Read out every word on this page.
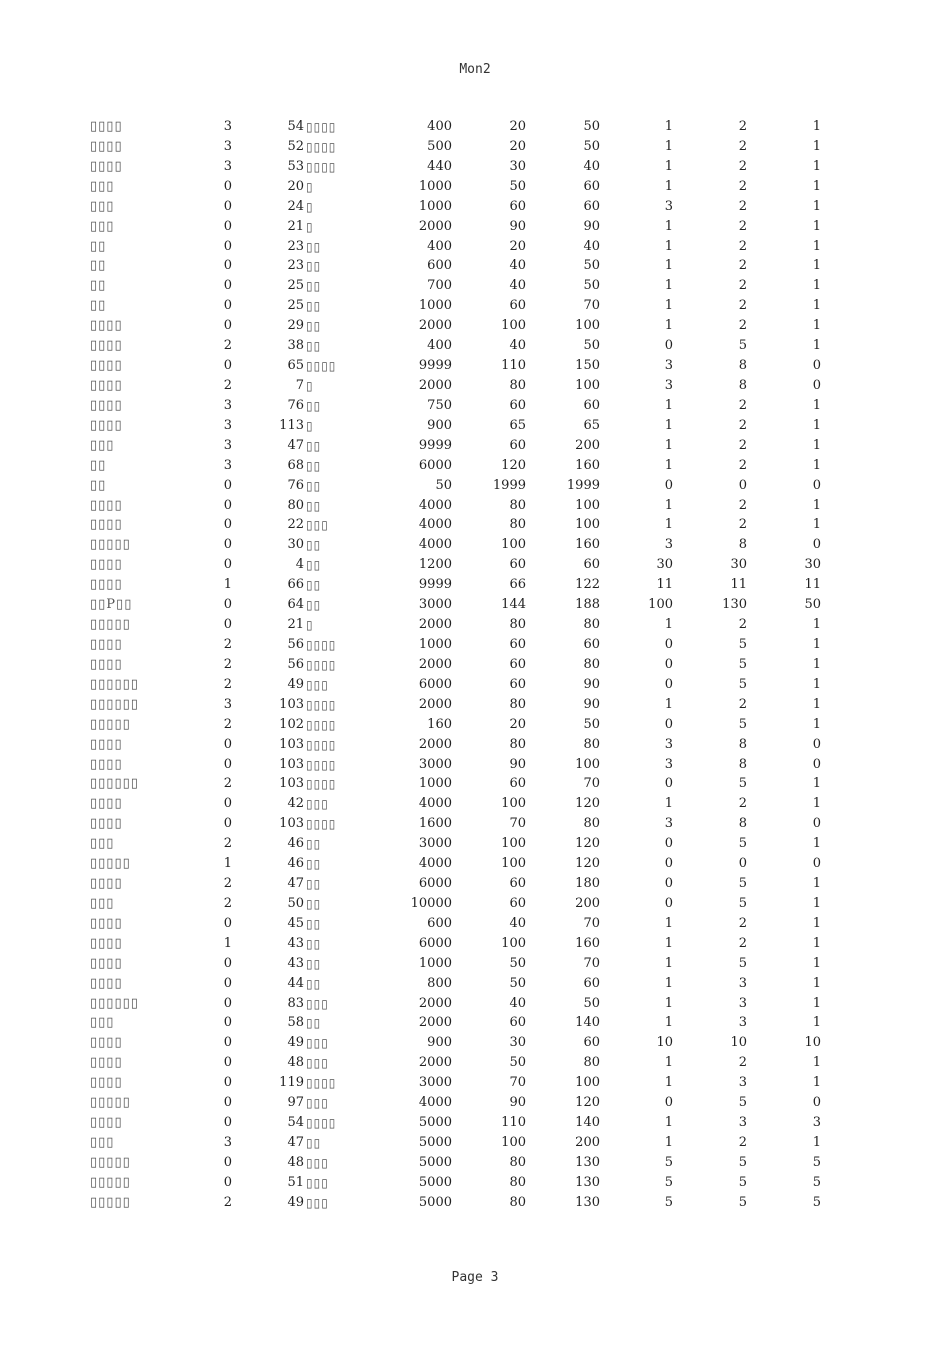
Mon2
▯▯▯▯	3	54 ▯▯▯▯	400	20	50	1	2	1
▯▯▯▯	3	52 ▯▯▯▯	500	20	50	1	2	1
▯▯▯▯	3	53 ▯▯▯▯	440	30	40	1	2	1
▯▯▯	0	20 ▯	1000	50	60	1	2	1
▯▯▯	0	24 ▯	1000	60	60	3	2	1
▯▯▯	0	21 ▯	2000	90	90	1	2	1
▯▯	0	23 ▯▯	400	20	40	1	2	1
▯▯	0	23 ▯▯	600	40	50	1	2	1
▯▯	0	25 ▯▯	700	40	50	1	2	1
▯▯	0	25 ▯▯	1000	60	70	1	2	1
▯▯▯▯	0	29 ▯▯	2000	100	100	1	2	1
▯▯▯▯	2	38 ▯▯	400	40	50	0	5	1
▯▯▯▯	0	65 ▯▯▯▯	9999	110	150	3	8	0
▯▯▯▯	2	7 ▯	2000	80	100	3	8	0
▯▯▯▯	3	76 ▯▯	750	60	60	1	2	1
▯▯▯▯	3	113 ▯	900	65	65	1	2	1
▯▯▯	3	47 ▯▯	9999	60	200	1	2	1
▯▯	3	68 ▯▯	6000	120	160	1	2	1
▯▯	0	76 ▯▯	50	1999	1999	0	0	0
▯▯▯▯	0	80 ▯▯	4000	80	100	1	2	1
▯▯▯▯	0	22 ▯▯▯	4000	80	100	1	2	1
▯▯▯▯▯	0	30 ▯▯	4000	100	160	3	8	0
▯▯▯▯	0	4 ▯▯	1200	60	60	30	30	30
▯▯▯▯	1	66 ▯▯	9999	66	122	11	11	11
▯▯P▯▯	0	64 ▯▯	3000	144	188	100	130	50
▯▯▯▯▯	0	21 ▯	2000	80	80	1	2	1
▯▯▯▯	2	56 ▯▯▯▯	1000	60	60	0	5	1
▯▯▯▯	2	56 ▯▯▯▯	2000	60	80	0	5	1
▯▯▯▯▯▯	2	49 ▯▯▯	6000	60	90	0	5	1
▯▯▯▯▯▯	3	103 ▯▯▯▯	2000	80	90	1	2	1
▯▯▯▯▯	2	102 ▯▯▯▯	160	20	50	0	5	1
▯▯▯▯	0	103 ▯▯▯▯	2000	80	80	3	8	0
▯▯▯▯	0	103 ▯▯▯▯	3000	90	100	3	8	0
▯▯▯▯▯▯	2	103 ▯▯▯▯	1000	60	70	0	5	1
▯▯▯▯	0	42 ▯▯▯	4000	100	120	1	2	1
▯▯▯▯	0	103 ▯▯▯▯	1600	70	80	3	8	0
▯▯▯	2	46 ▯▯	3000	100	120	0	5	1
▯▯▯▯▯	1	46 ▯▯	4000	100	120	0	0	0
▯▯▯▯	2	47 ▯▯	6000	60	180	0	5	1
▯▯▯	2	50 ▯▯	10000	60	200	0	5	1
▯▯▯▯	0	45 ▯▯	600	40	70	1	2	1
▯▯▯▯	1	43 ▯▯	6000	100	160	1	2	1
▯▯▯▯	0	43 ▯▯	1000	50	70	1	5	1
▯▯▯▯	0	44 ▯▯	800	50	60	1	3	1
▯▯▯▯▯▯	0	83 ▯▯▯	2000	40	50	1	3	1
▯▯▯	0	58 ▯▯	2000	60	140	1	3	1
▯▯▯▯	0	49 ▯▯▯	900	30	60	10	10	10
▯▯▯▯	0	48 ▯▯▯	2000	50	80	1	2	1
▯▯▯▯	0	119 ▯▯▯▯	3000	70	100	1	3	1
▯▯▯▯▯	0	97 ▯▯▯	4000	90	120	0	5	0
▯▯▯▯	0	54 ▯▯▯▯	5000	110	140	1	3	3
▯▯▯	3	47 ▯▯	5000	100	200	1	2	1
▯▯▯▯▯	0	48 ▯▯▯	5000	80	130	5	5	5
▯▯▯▯▯	0	51 ▯▯▯	5000	80	130	5	5	5
▯▯▯▯▯	2	49 ▯▯▯	5000	80	130	5	5	5
Page 3
